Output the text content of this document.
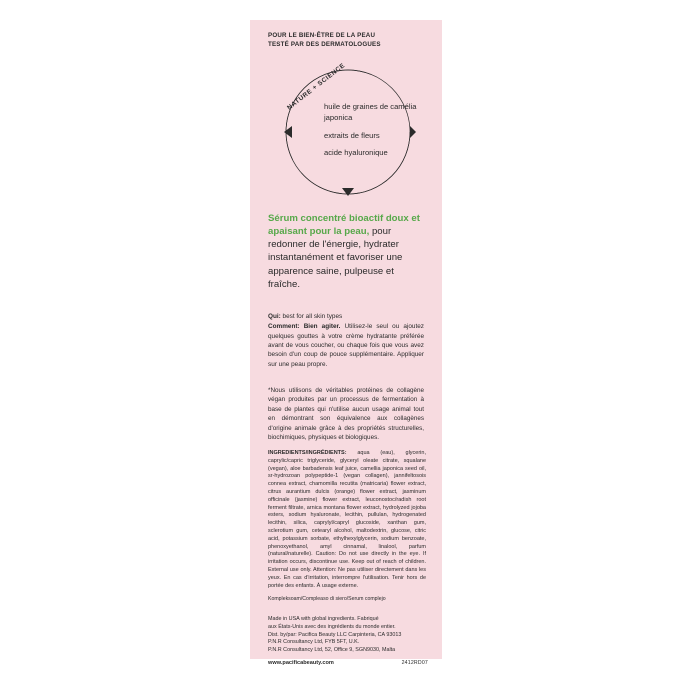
POUR LE BIEN-ÊTRE DE LA PEAU
TESTÉ PAR DES DERMATOLOGUES
NATURE + SCIENCE
huile de graines de camélia japonica
extraits de fleurs
acide hyaluronique
Sérum concentré bioactif doux et apaisant pour la peau, pour redonner de l'énergie, hydrater instantanément et favoriser une apparence saine, pulpeuse et fraîche.
Qui: best for all skin types
Comment: Bien agiter. Utilisez-le seul ou ajoutez quelques gouttes à votre crème hydratante préférée avant de vous coucher, ou chaque fois que vous avez besoin d'un coup de pouce supplémentaire. Appliquer sur une peau propre.
*Nous utilisons de véritables protéines de collagène végan produites par un processus de fermentation à base de plantes qui n'utilise aucun usage animal tout en démontrant son équivalence aux collagènes d'origine animale grâce à des propriétés structurelles, biochimiques, physiques et biologiques.
INGREDIENTS/INGRÉDIENTS: aqua (eau), glycerin, caprylic/capric triglyceride, glyceryl oleate citrate, squalane (vegan), aloe barbadensis leaf juice, camellia japonica seed oil, sr-hydrozoan polypeptide-1 (vegan collagen), jannifeltosois connea extract, chamomilla recutita (matricaria) flower extract, citrus aurantium dulcis (orange) flower extract, jasminum officinale (jasmine) flower extract, leuconostoc/radish root ferment filtrate, arnica montana flower extract, hydrolyzed jojoba esters, sodium hyaluronate, lecithin, pullulan, hydrogenated lecithin, silica, caprylyl/capryl glucoside, xanthan gum, sclerotium gum, cetearyl alcohol, maltodextrin, glucose, citric acid, potassium sorbate, ethylhexylglycerin, sodium benzoate, phenoxyethanol, amyl cinnamal, linalool, parfum (natural/naturelle). Caution: Do not use directly in the eye. If irritation occurs, discontinue use. Keep out of reach of children. External use only. Attention: Ne pas utiliser directement dans les yeux. En cas d'irritation, interrompre l'utilisation. Tenir hors de portée des enfants. À usage externe.
Kompleksoam/Compleaso di siero/Serum complejo
Made in USA with global ingredients. Fabriqué
aux États-Unis avec des ingrédients du monde entier.
Dist. by/par: Pacifica Beauty LLC Carpinteria, CA 93013
P.N.R Consultancy Ltd, FYB 5FT, U.K.
P.N.R Consultancy Ltd, 52, Office 9, SGN9030, Malta
www.pacificabeauty.com	2412RD07
